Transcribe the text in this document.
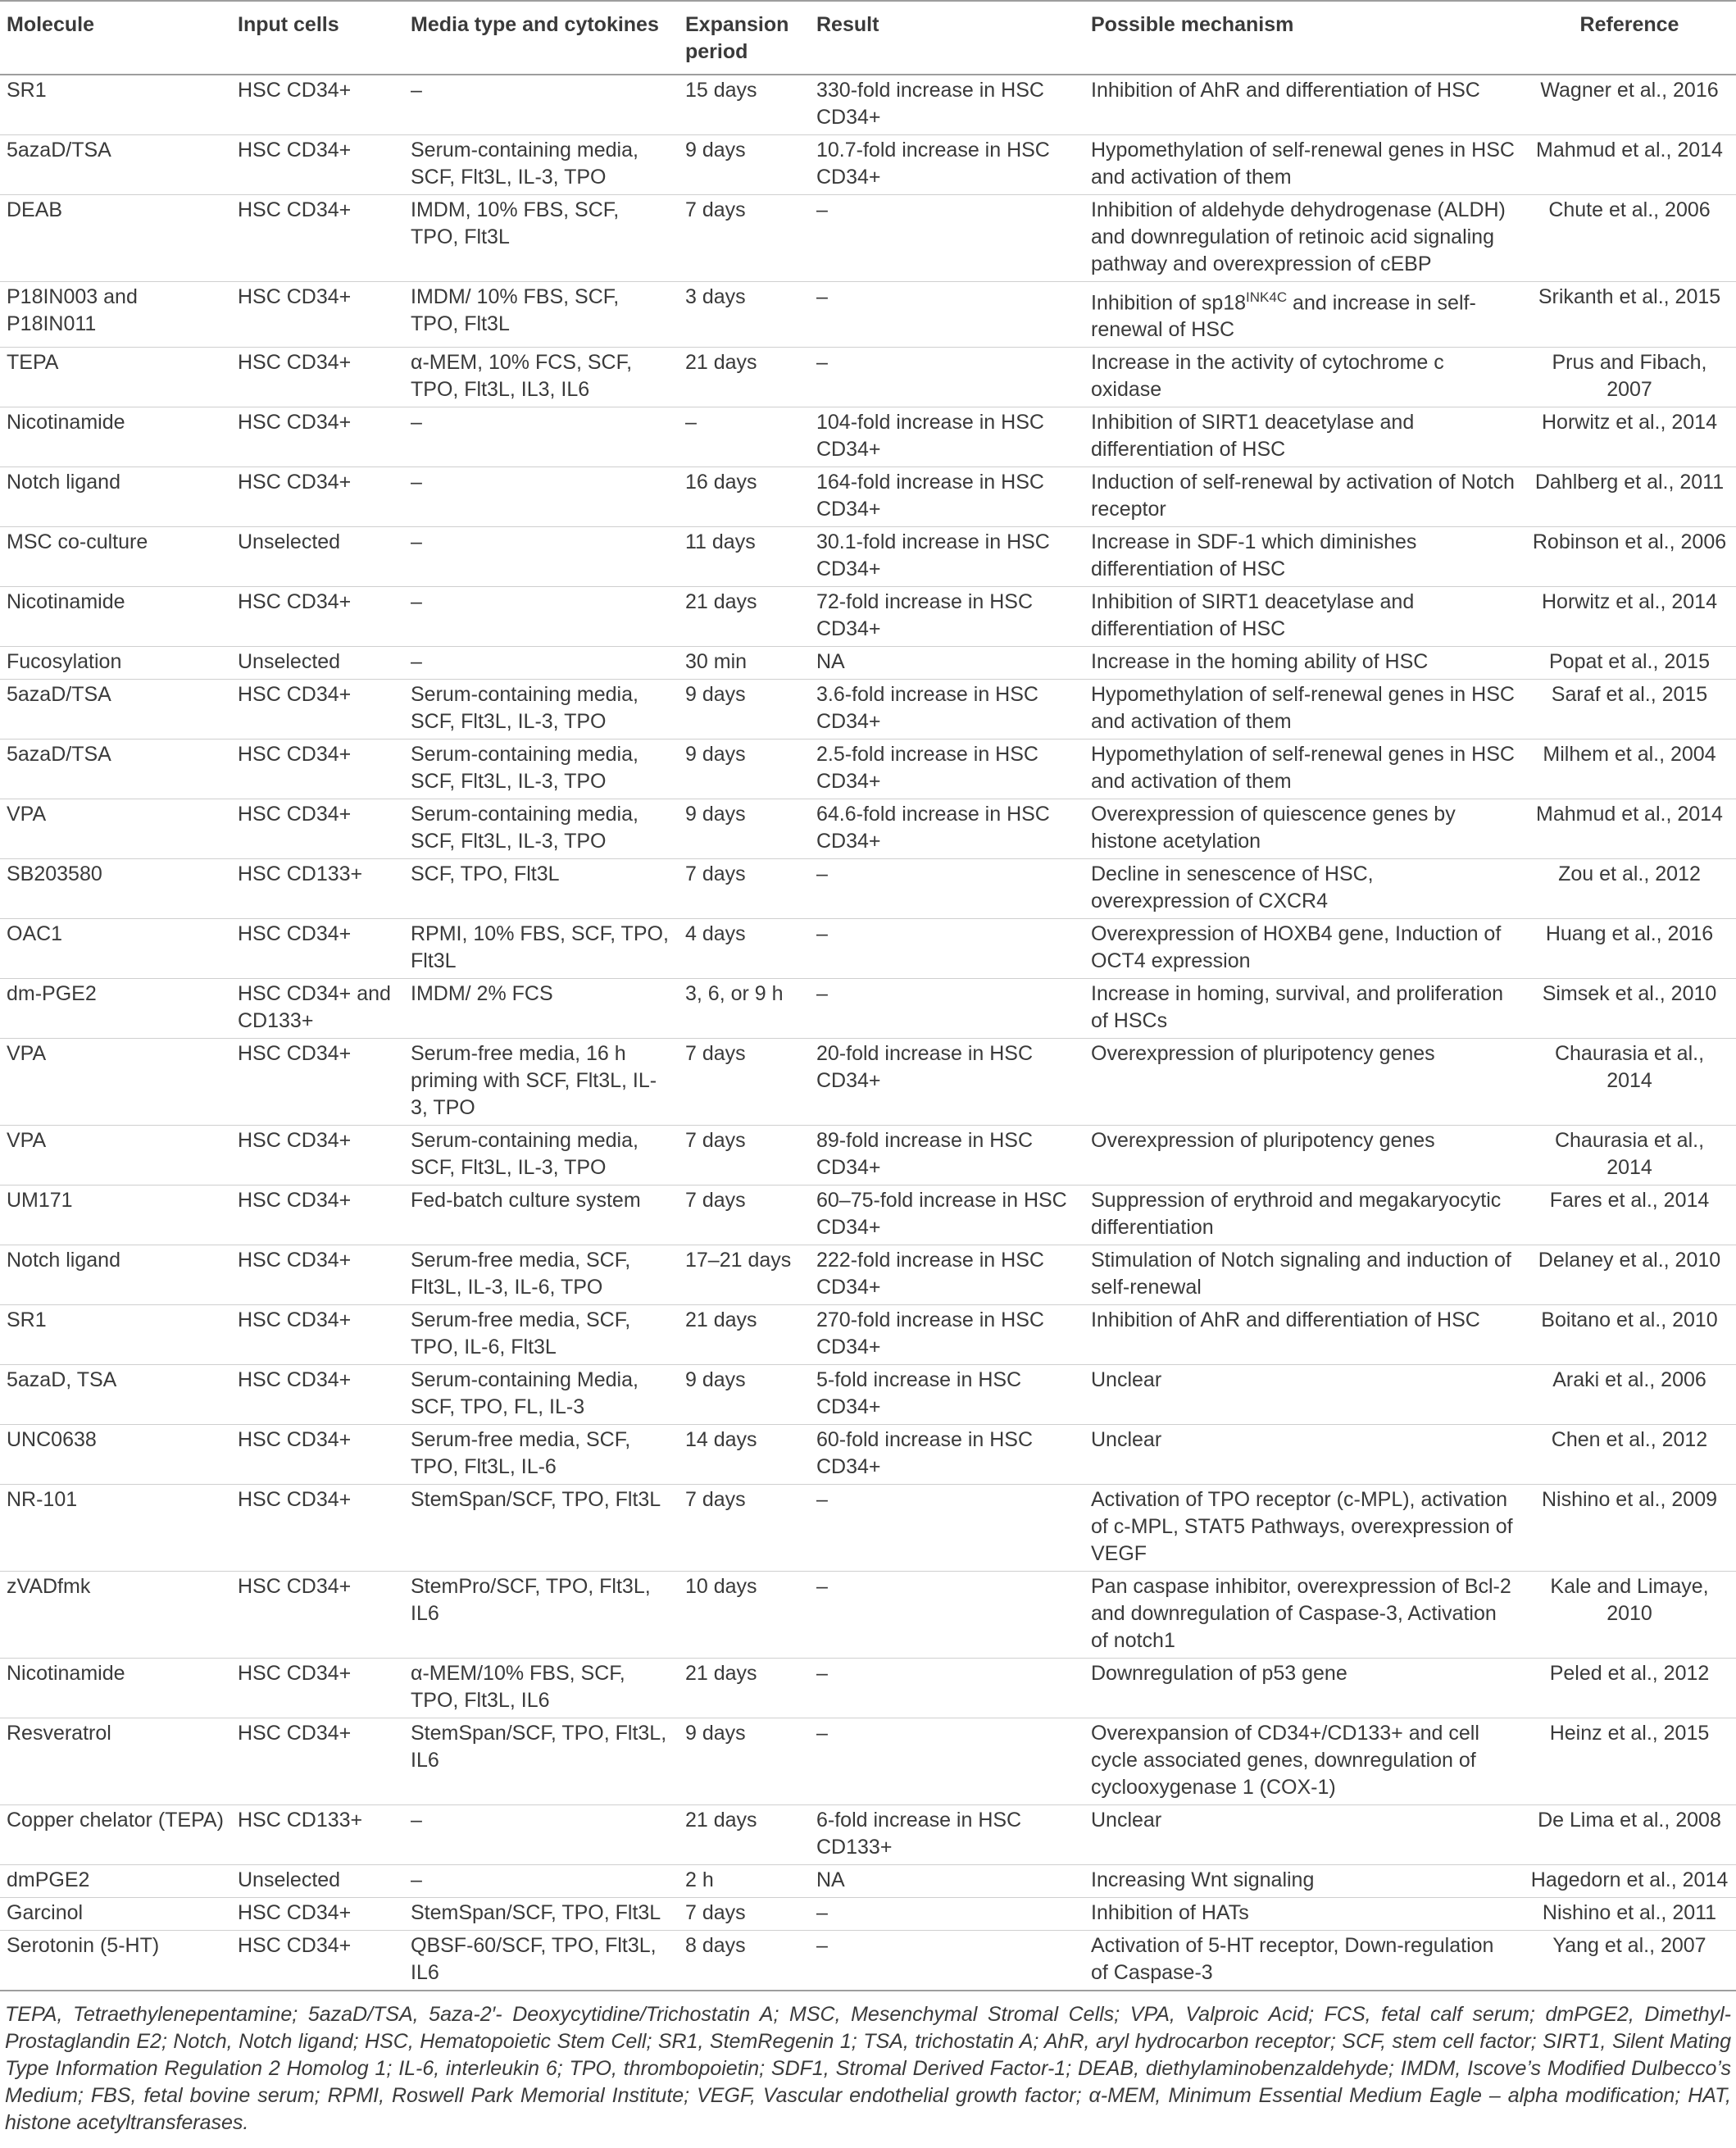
Molecule	Input cells	Media type and cytokines	Expansion period	Result	Possible mechanism	Reference
SR1	HSC CD34+	–	15 days	330-fold increase in HSC CD34+	Inhibition of AhR and differentiation of HSC	Wagner et al., 2016
5azaD/TSA	HSC CD34+	Serum-containing media, SCF, Flt3L, IL-3, TPO	9 days	10.7-fold increase in HSC CD34+	Hypomethylation of self-renewal genes in HSC and activation of them	Mahmud et al., 2014
DEAB	HSC CD34+	IMDM, 10% FBS, SCF, TPO, Flt3L	7 days	–	Inhibition of aldehyde dehydrogenase (ALDH) and downregulation of retinoic acid signaling pathway and overexpression of cEBP	Chute et al., 2006
P18IN003 and P18IN011	HSC CD34+	IMDM/ 10% FBS, SCF, TPO, Flt3L	3 days	–	Inhibition of $sp18^{INK4C}$ and increase in self-renewal of HSC	Srikanth et al., 2015
TEPA	HSC CD34+	α-MEM, 10% FCS, SCF, TPO, Flt3L, IL3, IL6	21 days	–	Increase in the activity of cytochrome c oxidase	Prus and Fibach, 2007
Nicotinamide	HSC CD34+	–	–	104-fold increase in HSC CD34+	Inhibition of SIRT1 deacetylase and differentiation of HSC	Horwitz et al., 2014
Notch ligand	HSC CD34+	–	16 days	164-fold increase in HSC CD34+	Induction of self-renewal by activation of Notch receptor	Dahlberg et al., 2011
MSC co-culture	Unselected	–	11 days	30.1-fold increase in HSC CD34+	Increase in SDF-1 which diminishes differentiation of HSC	Robinson et al., 2006
Nicotinamide	HSC CD34+	–	21 days	72-fold increase in HSC CD34+	Inhibition of SIRT1 deacetylase and differentiation of HSC	Horwitz et al., 2014
Fucosylation	Unselected	–	30 min	NA	Increase in the homing ability of HSC	Popat et al., 2015
5azaD/TSA	HSC CD34+	Serum-containing media, SCF, Flt3L, IL-3, TPO	9 days	3.6-fold increase in HSC CD34+	Hypomethylation of self-renewal genes in HSC and activation of them	Saraf et al., 2015
5azaD/TSA	HSC CD34+	Serum-containing media, SCF, Flt3L, IL-3, TPO	9 days	2.5-fold increase in HSC CD34+	Hypomethylation of self-renewal genes in HSC and activation of them	Milhem et al., 2004
VPA	HSC CD34+	Serum-containing media, SCF, Flt3L, IL-3, TPO	9 days	64.6-fold increase in HSC CD34+	Overexpression of quiescence genes by histone acetylation	Mahmud et al., 2014
SB203580	HSC CD133+	SCF, TPO, Flt3L	7 days	–	Decline in senescence of HSC, overexpression of CXCR4	Zou et al., 2012
OAC1	HSC CD34+	RPMI, 10% FBS, SCF, TPO, Flt3L	4 days	–	Overexpression of HOXB4 gene, Induction of OCT4 expression	Huang et al., 2016
dm-PGE2	HSC CD34+ and CD133+	IMDM/ 2% FCS	3, 6, or 9 h	–	Increase in homing, survival, and proliferation of HSCs	Simsek et al., 2010
VPA	HSC CD34+	Serum-free media, 16 h priming with SCF, Flt3L, IL-3, TPO	7 days	20-fold increase in HSC CD34+	Overexpression of pluripotency genes	Chaurasia et al., 2014
VPA	HSC CD34+	Serum-containing media, SCF, Flt3L, IL-3, TPO	7 days	89-fold increase in HSC CD34+	Overexpression of pluripotency genes	Chaurasia et al., 2014
UM171	HSC CD34+	Fed-batch culture system	7 days	60–75-fold increase in HSC CD34+	Suppression of erythroid and megakaryocytic differentiation	Fares et al., 2014
Notch ligand	HSC CD34+	Serum-free media, SCF, Flt3L, IL-3, IL-6, TPO	17–21 days	222-fold increase in HSC CD34+	Stimulation of Notch signaling and induction of self-renewal	Delaney et al., 2010
SR1	HSC CD34+	Serum-free media, SCF, TPO, IL-6, Flt3L	21 days	270-fold increase in HSC CD34+	Inhibition of AhR and differentiation of HSC	Boitano et al., 2010
5azaD, TSA	HSC CD34+	Serum-containing Media, SCF, TPO, FL, IL-3	9 days	5-fold increase in HSC CD34+	Unclear	Araki et al., 2006
UNC0638	HSC CD34+	Serum-free media, SCF, TPO, Flt3L, IL-6	14 days	60-fold increase in HSC CD34+	Unclear	Chen et al., 2012
NR-101	HSC CD34+	StemSpan/SCF, TPO, Flt3L	7 days	–	Activation of TPO receptor (c-MPL), activation of c-MPL, STAT5 Pathways, overexpression of VEGF	Nishino et al., 2009
zVADfmk	HSC CD34+	StemPro/SCF, TPO, Flt3L, IL6	10 days	–	Pan caspase inhibitor, overexpression of Bcl-2 and downregulation of Caspase-3, Activation of notch1	Kale and Limaye, 2010
Nicotinamide	HSC CD34+	α-MEM/10% FBS, SCF, TPO, Flt3L, IL6	21 days	–	Downregulation of p53 gene	Peled et al., 2012
Resveratrol	HSC CD34+	StemSpan/SCF, TPO, Flt3L, IL6	9 days	–	Overexpansion of CD34+/CD133+ and cell cycle associated genes, downregulation of cyclooxygenase 1 (COX-1)	Heinz et al., 2015
Copper chelator (TEPA)	HSC CD133+	–	21 days	6-fold increase in HSC CD133+	Unclear	De Lima et al., 2008
dmPGE2	Unselected	–	2 h	NA	Increasing Wnt signaling	Hagedorn et al., 2014
Garcinol	HSC CD34+	StemSpan/SCF, TPO, Flt3L	7 days	–	Inhibition of HATs	Nishino et al., 2011
Serotonin (5-HT)	HSC CD34+	QBSF-60/SCF, TPO, Flt3L, IL6	8 days	–	Activation of 5-HT receptor, Down-regulation of Caspase-3	Yang et al., 2007
TEPA, Tetraethylenepentamine; 5azaD/TSA, 5aza-2′- Deoxycytidine/Trichostatin A; MSC, Mesenchymal Stromal Cells; VPA, Valproic Acid; FCS, fetal calf serum; dmPGE2, Dimethyl-Prostaglandin E2; Notch, Notch ligand; HSC, Hematopoietic Stem Cell; SR1, StemRegenin 1; TSA, trichostatin A; AhR, aryl hydrocarbon receptor; SCF, stem cell factor; SIRT1, Silent Mating Type Information Regulation 2 Homolog 1; IL-6, interleukin 6; TPO, thrombopoietin; SDF1, Stromal Derived Factor-1; DEAB, diethylaminobenzaldehyde; IMDM, Iscove’s Modified Dulbecco’s Medium; FBS, fetal bovine serum; RPMI, Roswell Park Memorial Institute; VEGF, Vascular endothelial growth factor; α-MEM, Minimum Essential Medium Eagle – alpha modification; HAT, histone acetyltransferases.
